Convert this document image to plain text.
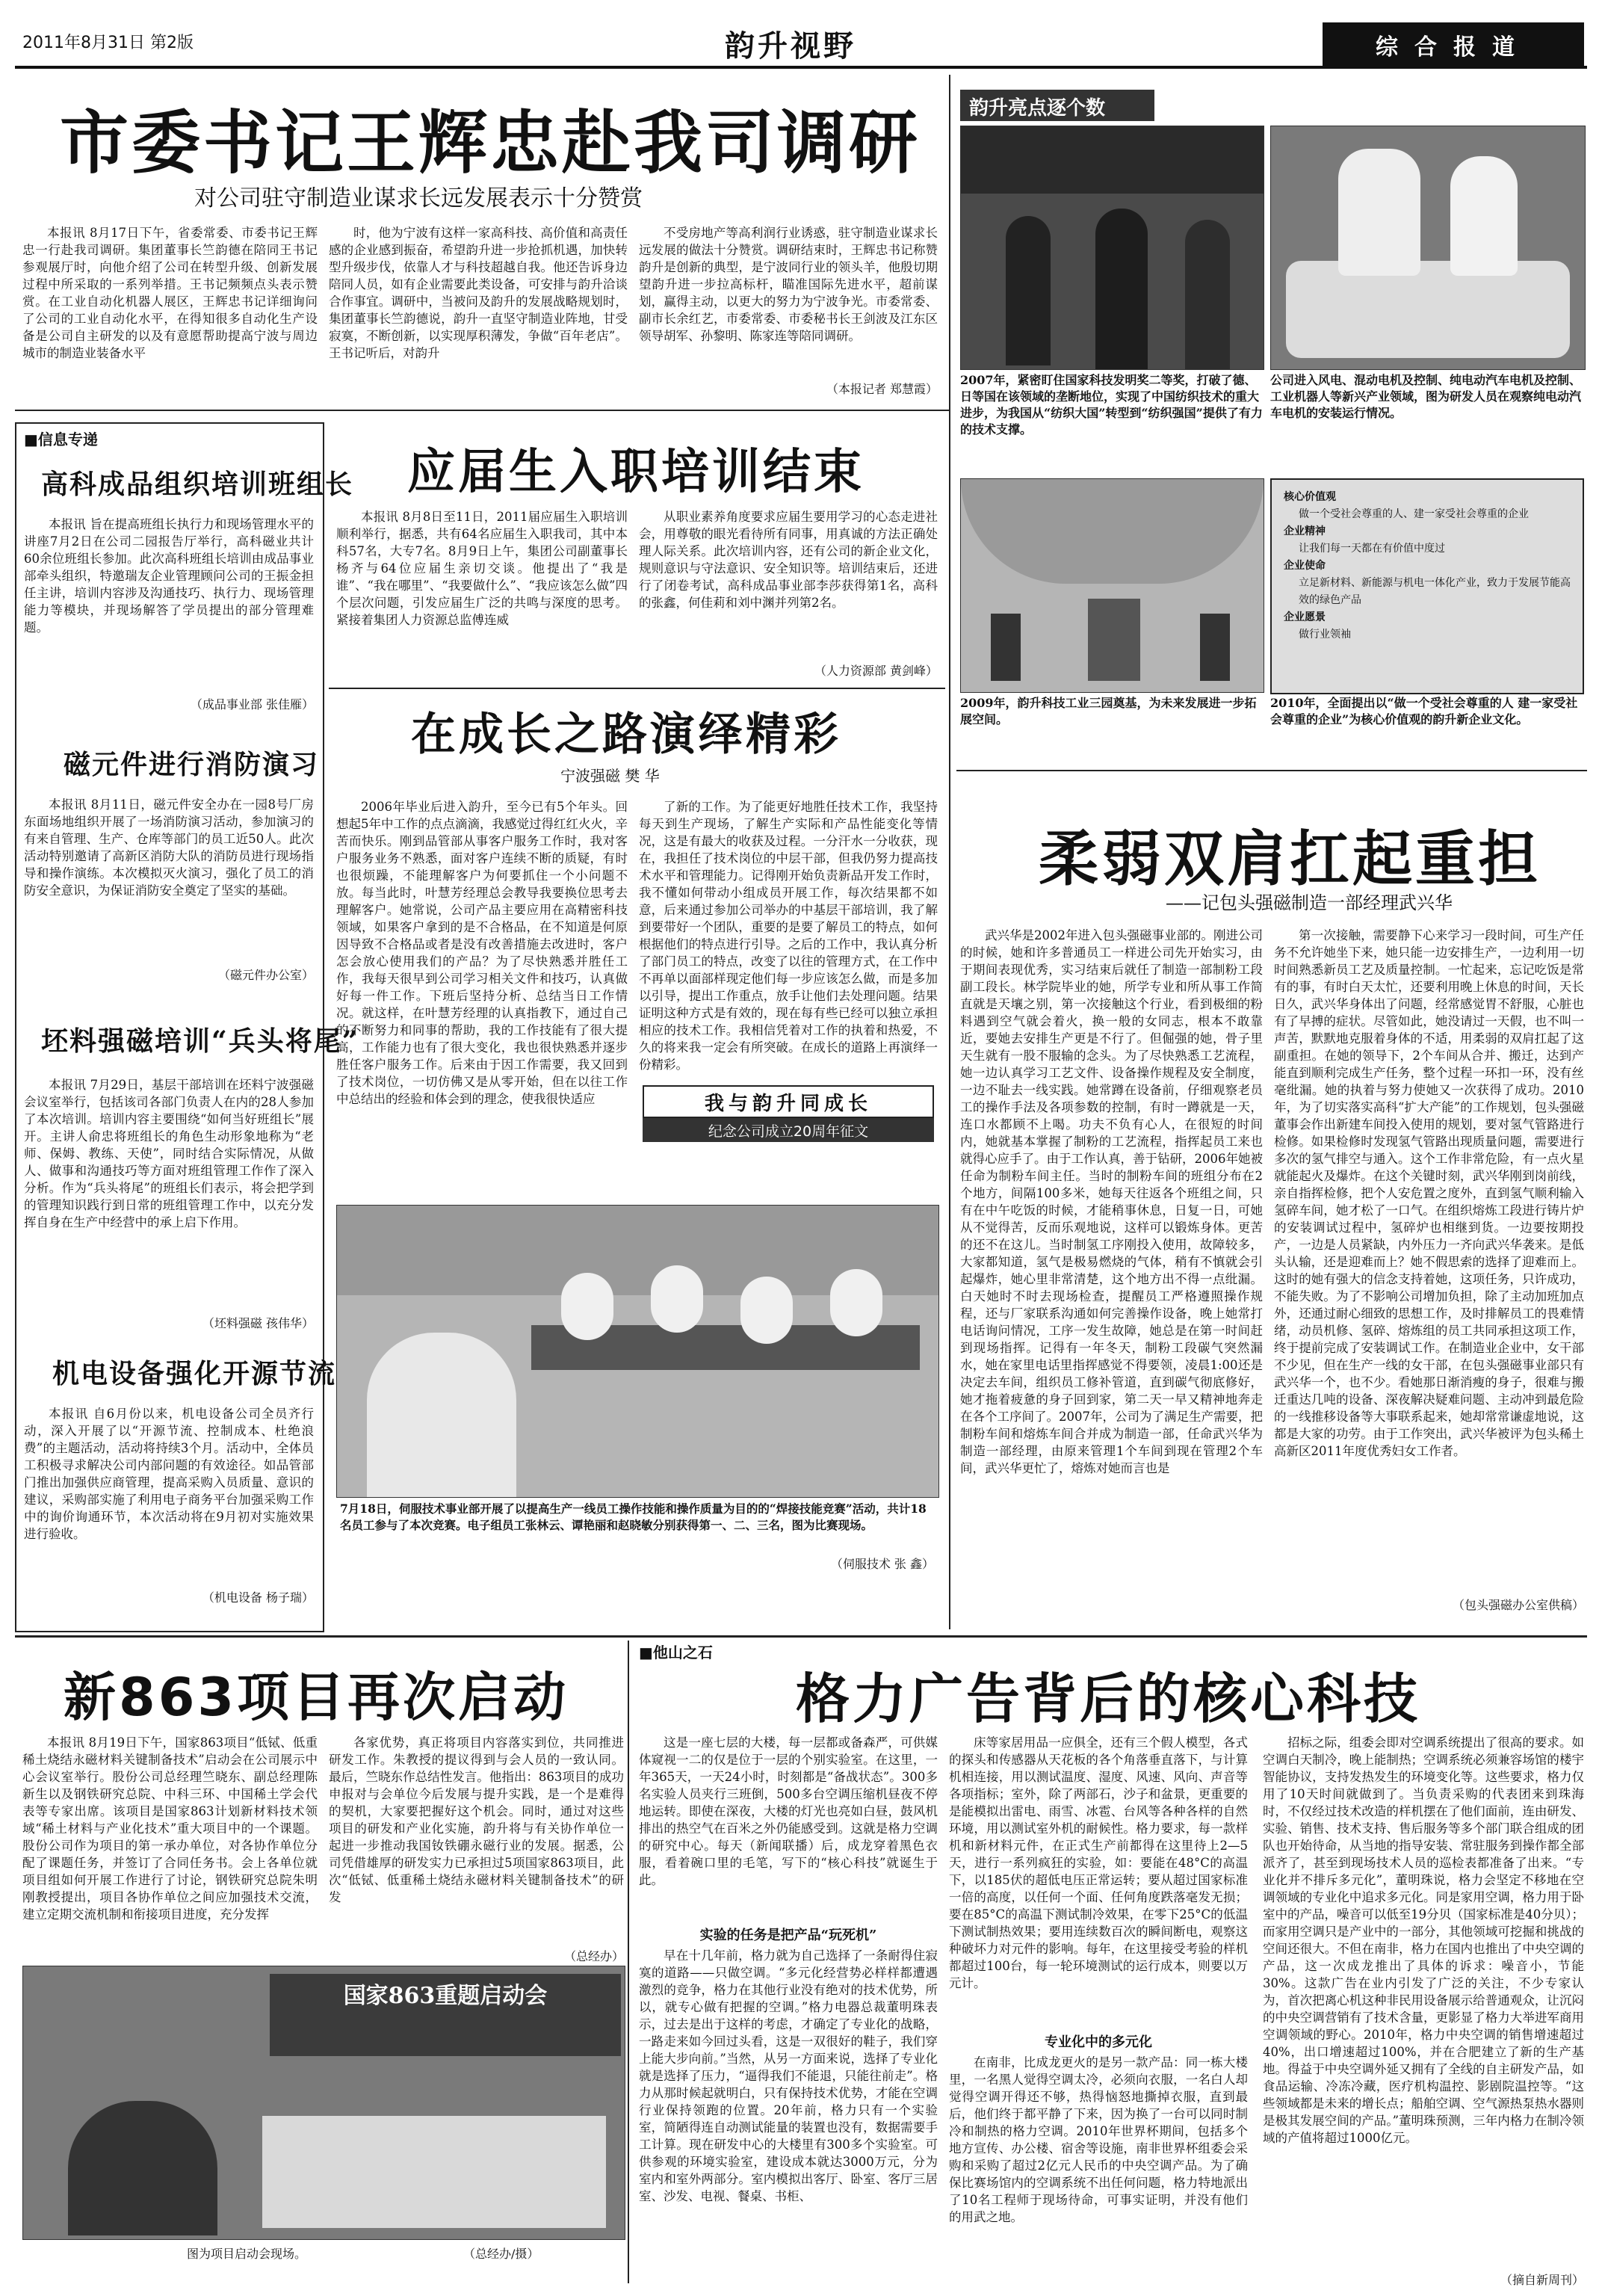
2011年8月31日 第2版	韵升视野	综合报道
市委书记王辉忠赴我司调研
对公司驻守制造业谋求长远发展表示十分赞赏

本报讯 8月17日下午，省委常委、市委书记王辉忠一行赴我司调研。集团董事长竺韵德在陪同王书记参观展厅时，向他介绍了公司在转型升级、创新发展过程中所采取的一系列举措。王书记频频点头表示赞赏。在工业自动化机器人展区，王辉忠书记详细询问了公司的工业自动化水平，在得知很多自动化生产设备是公司自主研发的以及有意愿帮助提高宁波与周边城市的制造业装备水平

时，他为宁波有这样一家高科技、高价值和高责任感的企业感到振奋，希望韵升进一步抢抓机遇，加快转型升级步伐，依靠人才与科技超越自我。他还告诉身边陪同人员，如有企业需要此类设备，可安排与韵升洽谈合作事宜。调研中，当被问及韵升的发展战略规划时，集团董事长竺韵德说，韵升一直坚守制造业阵地，甘受寂寞，不断创新，以实现厚积薄发，争做“百年老店”。王书记听后，对韵升

不受房地产等高利润行业诱惑，驻守制造业谋求长远发展的做法十分赞赏。调研结束时，王辉忠书记称赞韵升是创新的典型，是宁波同行业的领头羊，他殷切期望韵升进一步拉高标杆，瞄准国际先进水平，超前谋划，赢得主动，以更大的努力为宁波争光。市委常委、副市长余红艺，市委常委、市委秘书长王剑波及江东区领导胡军、孙黎明、陈家连等陪同调研。

（本报记者 郑慧霞）
韵升亮点逐个数
2007年，紧密盯住国家科技发明奖二等奖，打破了德、日等国在该领域的垄断地位，实现了中国纺织技术的重大进步，为我国从“纺织大国”转型到“纺织强国”提供了有力的技术支撑。
公司进入风电、混动电机及控制、纯电动汽车电机及控制、工业机器人等新兴产业领域，图为研发人员在观察纯电动汽车电机的安装运行情况。
核心价值观
做一个受社会尊重的人、建一家受社会尊重的企业
企业精神
让我们每一天都在有价值中度过
企业使命
立足新材料、新能源与机电一体化产业，致力于发展节能高效的绿色产品
企业愿景
做行业领袖
2009年，韵升科技工业三园奠基，为未来发展进一步拓展空间。
2010年，全面提出以“做一个受社会尊重的人 建一家受社会尊重的企业”为核心价值观的韵升新企业文化。
■信息专递
高科成品组织培训班组长

本报讯 旨在提高班组长执行力和现场管理水平的讲座7月2日在公司二园报告厅举行，高科磁业共计60余位班组长参加。此次高科班组长培训由成品事业部牵头组织，特邀瑞友企业管理顾问公司的王振金担任主讲，培训内容涉及沟通技巧、执行力、现场管理能力等模块，并现场解答了学员提出的部分管理难题。

（成品事业部 张佳雁）
磁元件进行消防演习

本报讯 8月11日，磁元件安全办在一园8号厂房东面场地组织开展了一场消防演习活动，参加演习的有来自管理、生产、仓库等部门的员工近50人。此次活动特别邀请了高新区消防大队的消防员进行现场指导和操作演练。本次模拟灭火演习，强化了员工的消防安全意识，为保证消防安全奠定了坚实的基础。

（磁元件办公室）
坯料强磁培训“兵头将尾”

本报讯 7月29日，基层干部培训在坯料宁波强磁会议室举行，包括该司各部门负责人在内的28人参加了本次培训。培训内容主要围绕“如何当好班组长”展开。主讲人俞忠将班组长的角色生动形象地称为“老师、保姆、教练、天使”，同时结合实际情况，从做人、做事和沟通技巧等方面对班组管理工作作了深入分析。作为“兵头将尾”的班组长们表示，将会把学到的管理知识践行到日常的班组管理工作中，以充分发挥自身在生产中经营中的承上启下作用。

（坯料强磁 孩伟华）
机电设备强化开源节流

本报讯 自6月份以来，机电设备公司全员齐行动，深入开展了以“开源节流、控制成本、杜绝浪费”的主题活动，活动将持续3个月。活动中，全体员工积极寻求解决公司内部问题的有效途径。如品管部门推出加强供应商管理，提高采购入员质量、意识的建议，采购部实施了利用电子商务平台加强采购工作中的询价询通环节，本次活动将在9月初对实施效果进行验收。

（机电设备 杨子瑞）
应届生入职培训结束

本报讯 8月8日至11日，2011届应届生入职培训顺利举行，据悉，共有64名应届生入职我司，其中本科57名，大专7名。8月9日上午，集团公司副董事长杨齐与64位应届生亲切交谈。他提出了“我是谁”、“我在哪里”、“我要做什么”、“我应该怎么做”四个层次问题，引发应届生广泛的共鸣与深度的思考。紧接着集团人力资源总监傅连威

从职业素养角度要求应届生要用学习的心态走进社会，用尊敬的眼光看待所有同事，用真诚的方法正确处理人际关系。此次培训内容，还有公司的新企业文化，规则意识与守法意识、安全知识等。培训结束后，还进行了闭卷考试，高科成品事业部李莎获得第1名，高科的张鑫，何佳莉和刘中渊并列第2名。

（人力资源部 黄剑峰）
在成长之路演绎精彩
宁波强磁 樊 华

2006年毕业后进入韵升，至今已有5个年头。回想起5年中工作的点点滴滴，我感觉过得红红火火，辛苦而快乐。刚到品管部从事客户服务工作时，我对客户服务业务不熟悉，面对客户连续不断的质疑，有时也很烦躁，不能理解客户为何要抓住一个小问题不放。每当此时，叶慧芳经理总会教导我要换位思考去理解客户。她常说，公司产品主要应用在高精密科技领域，如果客户拿到的是不合格品，在不知道是何原因导致不合格品或者是没有改善措施去改进时，客户怎会放心使用我们的产品？为了尽快熟悉并胜任工作，我每天很早到公司学习相关文件和技巧，认真做好每一件工作。下班后坚持分析、总结当日工作情况。就这样，在叶慧芳经理的认真指教下，通过自己的不断努力和同事的帮助，我的工作技能有了很大提高，工作能力也有了很大变化，我也很快熟悉并逐步胜任客户服务工作。后来由于因工作需要，我又回到了技术岗位，一切仿佛又是从零开始，但在以往工作中总结出的经验和体会到的理念，使我很快适应

了新的工作。为了能更好地胜任技术工作，我坚持每天到生产现场，了解生产实际和产品性能变化等情况，这是有最大的收获及过程。一分汗水一分收获，现在，我担任了技术岗位的中层干部，但我仍努力提高技术水平和管理能力。记得刚开始负责新品开发工作时，我不懂如何带动小组成员开展工作，每次结果都不如意，后来通过参加公司举办的中基层干部培训，我了解到要带好一个团队，重要的是要了解员工的特点，如何根据他们的特点进行引导。之后的工作中，我认真分析了部门员工的特点，改变了以往的管理方式，在工作中不再单以面部样现定他们每一步应该怎么做，而是多加以引导，提出工作重点，放手让他们去处理问题。结果证明这种方式是有效的，现在每有些已经可以独立承担相应的技术工作。我相信凭着对工作的执着和热爱，不久的将来我一定会有所突破。在成长的道路上再演绎一份精彩。

我与韵升同成长
纪念公司成立20周年征文
7月18日，伺服技术事业部开展了以提高生产一线员工操作技能和操作质量为目的的“焊接技能竞赛”活动，共计18名员工参与了本次竞赛。电子组员工张林云、谭艳丽和赵晓敏分别获得第一、二、三名，图为比赛现场。
（伺服技术 张 鑫）
柔弱双肩扛起重担
——记包头强磁制造一部经理武兴华

武兴华是2002年进入包头强磁事业部的。刚进公司的时候，她和许多普通员工一样进公司先开始实习，由于期间表现优秀，实习结束后就任了制造一部制粉工段副工段长。林学院毕业的她，所学专业和所从事工作简直就是天壤之别，第一次接触这个行业，看到极细的粉料遇到空气就会着火，换一般的女同志，根本不敢靠近，要她去安排生产更是不行了。但倔强的她，骨子里天生就有一股不服输的念头。为了尽快熟悉工艺流程，她一边认真学习工艺文件、设备操作规程及安全制度，一边不耻去一线实践。她常蹲在设备前，仔细观察老员工的操作手法及各项参数的控制，有时一蹲就是一天，连口水都顾不上喝。功夫不负有心人，在很短的时间内，她就基本掌握了制粉的工艺流程，指挥起员工来也就得心应手了。由于工作认真，善于钻研，2006年她被任命为制粉车间主任。当时的制粉车间的班组分布在2个地方，间隔100多米，她每天往返各个班组之间，只有在中午吃饭的时候，才能稍事休息，日复一日，可她从不觉得苦，反而乐观地说，这样可以锻炼身体。更苦的还不在这儿。当时制氢工序刚投入使用，故障较多，大家都知道，氢气是极易燃烧的气体，稍有不慎就会引起爆炸，她心里非常清楚，这个地方出不得一点纰漏。白天她时不时去现场检查，提醒员工严格遵照操作规程，还与厂家联系沟通如何完善操作设备，晚上她常打电话询问情况，工序一发生故障，她总是在第一时间赶到现场指挥。记得有一年冬天，制粉工段碳气突然漏水，她在家里电话里指挥感觉不得要领，凌晨1:00还是决定去车间，组织员工修补管道，直到碳气彻底修好，她才拖着疲惫的身子回到家，第二天一早又精神地奔走在各个工序间了。2007年，公司为了满足生产需要，把制粉车间和熔炼车间合并成为制造一部，任命武兴华为制造一部经理，由原来管理1个车间到现在管理2个车间，武兴华更忙了，熔炼对她而言也是

第一次接触，需要静下心来学习一段时间，可生产任务不允许她坐下来，她只能一边安排生产，一边利用一切时间熟悉新员工艺及质量控制。一忙起来，忘记吃饭是常有的事，有时白天太忙，还要利用晚上休息的时间，天长日久，武兴华身体出了问题，经常感觉胃不舒服，心脏也有了早搏的症状。尽管如此，她没请过一天假，也不叫一声苦，默默地克服着身体的不适，用柔弱的双肩扛起了这副重担。在她的领导下，2个车间从合并、搬迁，达到产能直到顺利完成生产任务，整个过程一环扣一环，没有丝毫纰漏。她的执着与努力使她又一次获得了成功。2010年，为了切实落实高科“扩大产能”的工作规划，包头强磁董事会作出新建车间投入使用的规划，要对氢气管路进行检修。如果检修时发现氢气管路出现质量问题，需要进行多次的氢气排空与通入。这个工作非常危险，有一点火星就能起火及爆炸。在这个关键时刻，武兴华刚到岗前线，亲自指挥检修，把个人安危置之度外，直到氢气顺利输入氢碎车间，她才松了一口气。在组织熔炼工段进行铸片炉的安装调试过程中，氢碎炉也相继到货。一边要按期投产，一边是人员紧缺，内外压力一齐向武兴华袭来。是低头认输，还是迎难而上？她不假思索的选择了迎难而上。这时的她有强大的信念支持着她，这项任务，只许成功，不能失败。为了不影响公司增加负担，除了主动加班加点外，还通过耐心细致的思想工作，及时排解员工的畏难情绪，动员机修、氢碎、熔炼组的员工共同承担这项工作，终于提前完成了安装调试工作。在制造业企业中，女干部不少见，但在生产一线的女干部，在包头强磁事业部只有武兴华一个，也不少。看她那日渐消瘦的身子，很难与搬迁重达几吨的设备、深夜解决疑难问题、主动冲到最危险的一线推移设备等大事联系起来，她却常常谦虚地说，这都是大家的功劳。由于工作突出，武兴华被评为包头稀土高新区2011年度优秀妇女工作者。

（包头强磁办公室供稿）
新863项目再次启动

本报讯 8月19日下午，国家863项目“低铽、低重稀土烧结永磁材料关键制备技术”启动会在公司展示中心会议室举行。股份公司总经理竺晓东、副总经理陈新生以及钢铁研究总院、中科三环、中国稀土学会代表等专家出席。该项目是国家863计划新材料技术领域“稀土材料与产业化技术”重大项目中的一个课题。股份公司作为项目的第一承办单位，对各协作单位分配了课题任务，并签订了合同任务书。会上各单位就项目组如何开展工作进行了讨论，钢铁研究总院朱明刚教授提出，项目各协作单位之间应加强技术交流，建立定期交流机制和衔接项目进度，充分发挥

各家优势，真正将项目内容落实到位，共同推进研发工作。朱教授的提议得到与会人员的一致认同。最后，竺晓东作总结性发言。他指出：863项目的成功申报对与会单位今后发展与提升实践，是一个是难得的契机，大家要把握好这个机会。同时，通过对这些项目的研发和产业化实施，韵升将与有关协作单位一起进一步推动我国钕铁硼永磁行业的发展。据悉，公司凭借雄厚的研发实力已承担过5项国家863项目，此次“低铽、低重稀土烧结永磁材料关键制备技术”的研发

（总经办）
国家863重题启动会
图为项目启动会现场。	（总经办/摄）
■他山之石
格力广告背后的核心科技

这是一座七层的大楼，每一层都或备森严，可供媒体窥视一二的仅是位于一层的个别实验室。在这里，一年365天，一天24小时，时刻都是“备战状态”。300多名实验人员夹行三班倒，500多台空调压缩机昼夜不停地运转。即使在深夜，大楼的灯光也亮如白昼，鼓风机排出的热空气在百米之外仍能感受到。这就是格力空调的研究中心。每天（新闻联播）后，成龙穿着黑色衣服，看着碗口里的毛笔，写下的“核心科技”就诞生于此。

实验的任务是把产品“玩死机”

早在十几年前，格力就为自己选择了一条耐得住寂寞的道路——只做空调。“多元化经营势必样样都遭遇激烈的竞争，格力在其他行业没有绝对的技术优势，所以，就专心做有把握的空调。”格力电器总裁董明珠表示，过去是出于这样的考虑，才确定了专业化的战略，一路走来如今回过头看，这是一双很好的鞋子，我们穿上能大步向前。”当然，从另一方面来说，选择了专业化就是选择了压力，“逼得我们不能退，只能往前走”。格力从那时候起就明白，只有保持技术优势，才能在空调行业保持领跑的位置。20年前，格力只有一个实验室，简陋得连自动测试能量的装置也没有，数据需要手工计算。现在研发中心的大楼里有300多个实验室。可供参观的环境实验室，建设成本就达3000万元，分为室内和室外两部分。室内模拟出客厅、卧室、客厅三居室、沙发、电视、餐桌、书柜、

床等家居用品一应俱全，还有三个假人模型，各式的探头和传感器从天花板的各个角落垂直落下，与计算机相连接，用以测试温度、湿度、风速、风向、声音等各项指标；室外，除了两部石，沙子和盆景，更重要的是能模拟出雷电、雨雪、冰雹、台风等各种各样的自然环境，用以测试室外机的耐候性。格力要求，每一款样机和新材料元件，在正式生产前都得在这里待上2—5天，进行一系列疯狂的实验，如：要能在48°C的高温下，以185伏的超低电压正常运转；要从超过国家标准一倍的高度，以任何一个面、任何角度跌落毫发无损；要在85°C的高温下测试制冷效果，在零下25°C的低温下测试制热效果；要用连续数百次的瞬间断电，观察这种破坏力对元件的影响。每年，在这里接受考验的样机都超过100台，每一轮环境测试的运行成本，则要以万元计。

专业化中的多元化

在南非，比成龙更火的是另一款产品：同一栋大楼里，一名黑人觉得空调太冷，必须向衣服，一名白人却觉得空调开得还不够，热得恼怒地撕掉衣服，直到最后，他们终于都平静了下来，因为换了一台可以同时制冷和制热的格力空调。2010年世界杯期间，包括多个地方宣传、办公楼、宿舍等设施，南非世界杯组委会采购和采购了超过2亿元人民币的中央空调产品。为了确保比赛场馆内的空调系统不出任何问题，格力特地派出了10名工程师于现场待命，可事实证明，并没有他们的用武之地。

招标之际，组委会即对空调系统提出了很高的要求。如空调白天制冷，晚上能制热；空调系统必须兼容场馆的楼宇智能协议，支持发热发生的环境变化等。这些要求，格力仅用了10天时间就做到了。当负责采购的代表团来到珠海时，不仅经过技术改造的样机摆在了他们面前，连由研发、实验、销售、技术支持、售后服务等多个部门联合组成的团队也开始待命，从当地的指导安装、常驻服务到操作都全部派齐了，甚至到现场技术人员的巡检表都准备了出来。“专业化并不排斥多元化”，董明珠说，格力会坚定不移地在空调领域的专业化中追求多元化。同是家用空调，格力用于卧室中的产品，噪音可以低至19分贝（国家标准是40分贝）；而家用空调只是产业中的一部分，其他领域可挖掘和挑战的空间还很大。不但在南非，格力在国内也推出了中央空调的产品，这一次成龙推出了具体的诉求：噪音小，节能30%。这款广告在业内引发了广泛的关注，不少专家认为，首次把离心机这种非民用设备展示给普通观众，让沉闷的中央空调营销有了技术含量，更影显了格力大举进军商用空调领域的野心。2010年，格力中央空调的销售增速超过40%，出口增速超过100%，并在合肥建立了新的生产基地。得益于中央空调外延又拥有了全线的自主研发产品，如食品运输、冷冻冷藏，医疗机构温控、影剧院温控等。“这些领域都是未来的增长点；船舶空调、空气源热泵热水器则是极其发展空间的产品。”董明珠预测，三年内格力在制冷领域的产值将超过1000亿元。

（摘自新周刊）
